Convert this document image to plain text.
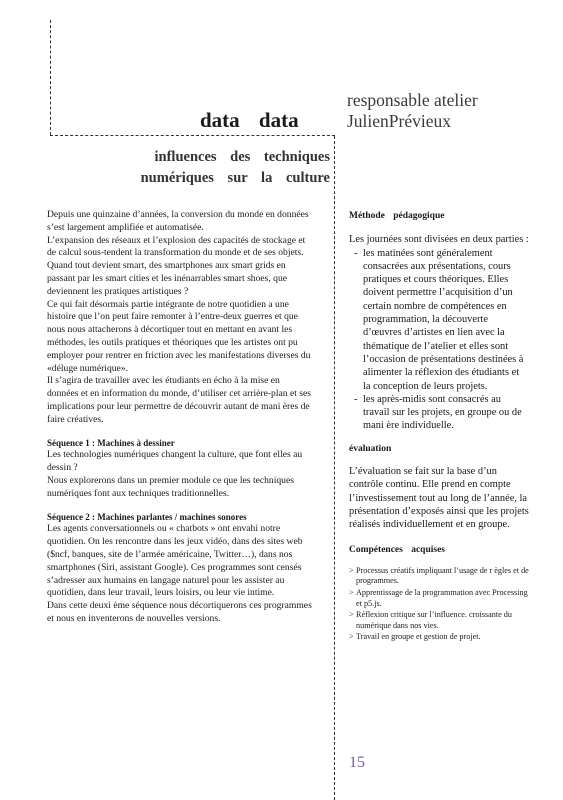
data data
responsable atelier
JulienPrévieux
influences des techniques
numériques sur la culture

Depuis une quinzaine d’années, la conversion du monde en données s’est largement amplifiée et automatisée.

L’expansion des réseaux et l’explosion des capacités de stockage et de calcul sous-tendent la transformation du monde et de ses objets. Quand tout devient smart, des smartphones aux smart grids en passant par les smart cities et les inénarrables smart shoes, que deviennent les pratiques artistiques ?

Ce qui fait désormais partie intégrante de notre quotidien a une histoire que l’on peut faire remonter à l’entre-deux guerres et que nous nous attacherons à décortiquer tout en mettant en avant les méthodes, les outils pratiques et théoriques que les artistes ont pu employer pour rentrer en friction avec les manifestations diverses du «déluge numérique».

Il s’agira de travailler avec les étudiants en écho à la mise en données et en information du monde, d’utiliser cet arrière-plan et ses implications pour leur permettre de découvrir autant de mani ères de faire créatives.

Séquence 1 : Machines à dessiner

Les technologies numériques changent la culture, que font elles au dessin ?

Nous explorerons dans un premier module ce que les techniques numériques font aux techniques traditionnelles.

Séquence 2 : Machines parlantes / machines sonores

Les agents conversationnels ou « chatbots » ont envahi notre quotidien. On les rencontre dans les jeux vidéo, dans des sites web ($ncf, banques, site de l’armée américaine, Twitter…), dans nos smartphones (Siri, assistant Google). Ces programmes sont censés s’adresser aux humains en langage naturel pour les assister au quotidien, dans leur travail, leurs loisirs, ou leur vie intime.

Dans cette deuxi ème séquence nous décortiquerons ces programmes et nous en inventerons de nouvelles versions.

Méthode pédagogique

Les journées sont divisées en deux parties :

- les matinées sont généralement consacrées aux présentations, cours pratiques et cours théoriques. Elles doivent permettre l’acquisition d’un certain nombre de compétences en programmation, la découverte d’œuvres d’artistes en lien avec la thématique de l’atelier et elles sont l’occasion de présentations destinées à alimenter la réflexion des étudiants et la conception de leurs projets.
- les après-midis sont consacrés au travail sur les projets, en groupe ou de mani ère individuelle.

évaluation

L’évaluation se fait sur la base d’un contrôle continu. Elle prend en compte l’investissement tout au long de l’année, la présentation d’exposés ainsi que les projets réalisés individuellement et en groupe.

Compétences acquises

> Processus créatifs impliquant l’usage de r ègles et de programmes.
> Apprentissage de la programmation avec Processing et p5.js.
> Réflexion critique sur l’influence. croissante du numérique dans nos vies.
> Travail en groupe et gestion de projet.
15
